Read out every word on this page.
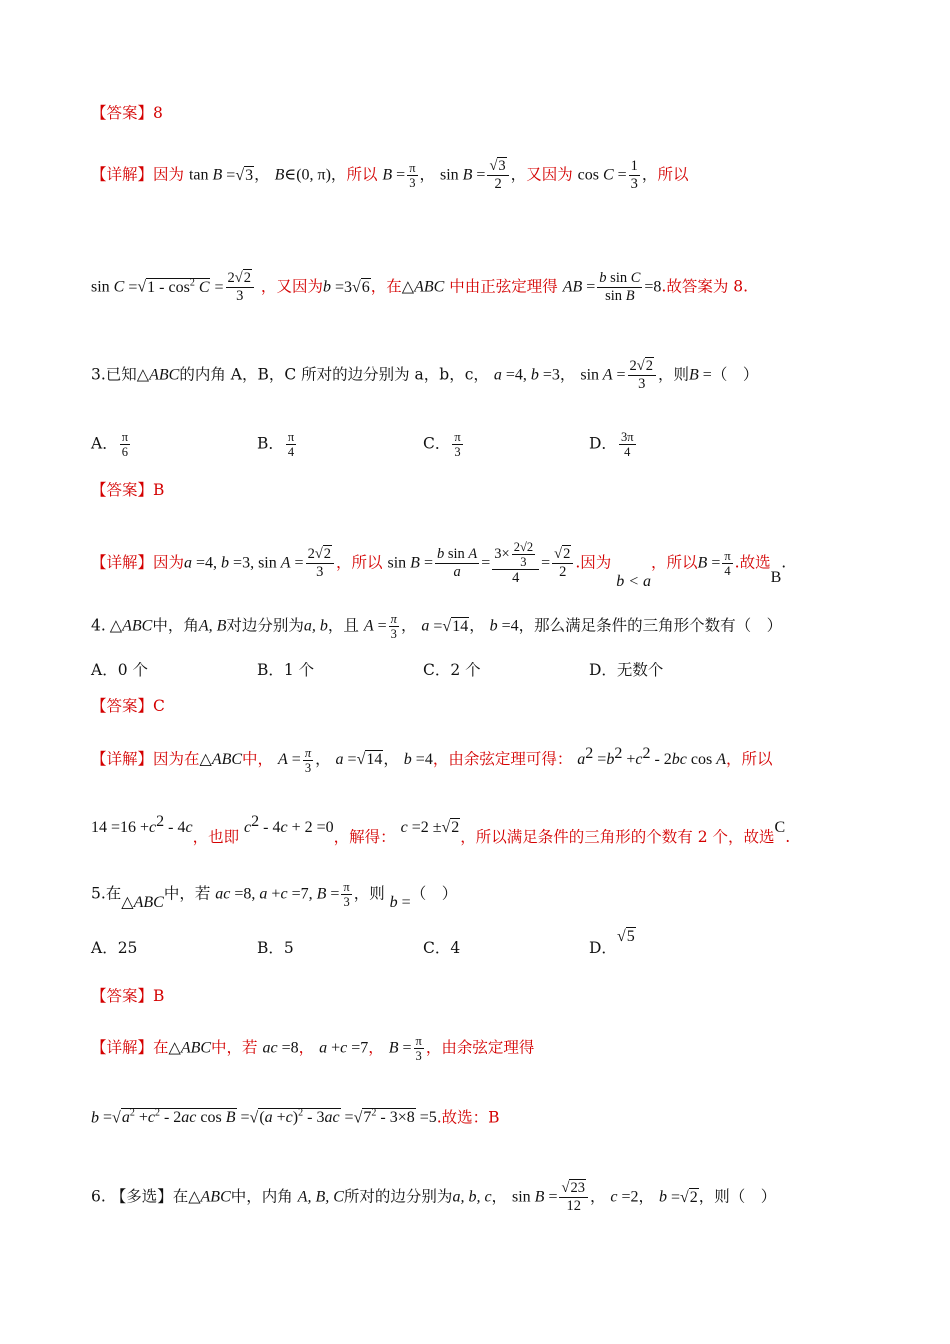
【答案】8
【详解】因为 tan B =√3， B∈(0, π)，所以 $B = \frac{\pi}{3}$ ， $\sin B = \frac{√3}{2}$ ，又因为 $\cos C = \frac{1}{3}$ ，所以
$\sin C =√1 - \cos^2 C = \frac{2√2}{3}$ ，又因为b =3√6，在△ABC 中由正弦定理得 AB = $\frac{\text{b sin C}}{\text{sin B}} =8$.故答案为 8.
3.已知△ABC的内角 A，B，C 所对的边分别为 a，b，c， a =4, b =3， $\sin A = \frac{2√2}{3}$ ，则B =（　）
A． $\frac{\pi}{6}$	B． $\frac{\pi}{4}$	C． $\frac{\pi}{3}$	D． $\frac{3\pi}{4}$
【答案】B
【详解】因为a =4, b =3, $\sin A = \frac{2√2}{3}$ ，所以 $\sin B = \frac{\text{b sin A}}{a} = \frac{3\times \frac{2√2}{3}}{4} = \frac{√2}{2}$ .因为 b < a，所以$B = \frac{\pi}{4}$ .故选B.
4. △ABC中，角A, B对边分别为a, b，且 $A = \frac{\pi}{3}$ ， a =√14， b =4，那么满足条件的三角形个数有（　）
A．0 个	B．1 个	C．2 个	D．无数个
【答案】C
【详解】因为在△ABC中， $A = \frac{\pi}{3}$ ， a =√14， b =4，由余弦定理可得： $a^2 =b^2 +c^2 - 2bc$ cos A，所以
$14 =16 +c^2 - 4c$，也即 $c^2 - 4c + 2 =0$，解得： c =2 ±√2，所以满足条件的三角形的个数有 2 个，故选C.
5.在△ABC中，若 ac =8, a +c =7, $B = \frac{\pi}{3}$ ，则 b =（　）
A．25	B．5	C．4	D．√5
【答案】B
【详解】在△ABC中，若 ac =8， a +c =7， $B = \frac{\pi}{3}$ ，由余弦定理得
$b =√a^2 +c^2 - 2ac$ $\cos B =√(a +c)^2 - 3ac =√7^2 - 3\times 8 =5$.故选：B
6. 【多选】在△ABC中，内角 A, B, C所对的边分别为a, b, c， $\sin B = \frac{√23}{12}$ ， c =2， b =√2，则（　）
